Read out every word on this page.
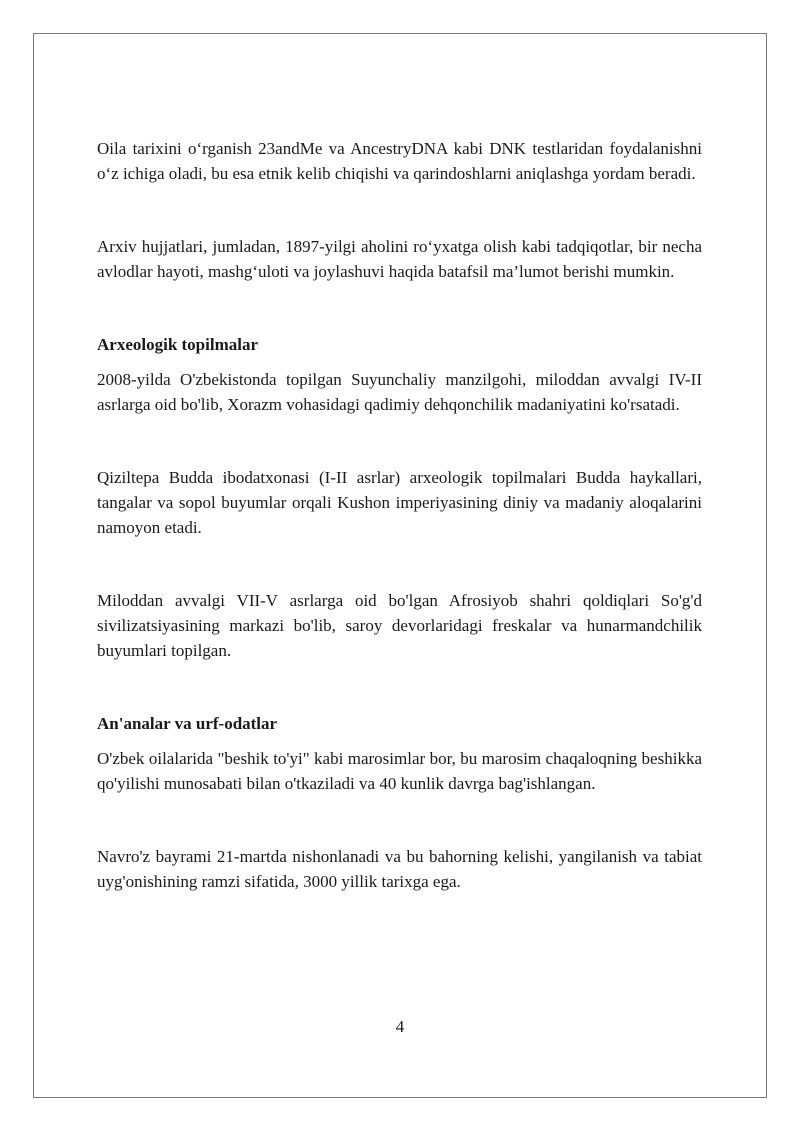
Oila tarixini o‘rganish 23andMe va AncestryDNA kabi DNK testlaridan foydalanishni o‘z ichiga oladi, bu esa etnik kelib chiqishi va qarindoshlarni aniqlashga yordam beradi.

Arxiv hujjatlari, jumladan, 1897-yilgi aholini ro‘yxatga olish kabi tadqiqotlar, bir necha avlodlar hayoti, mashg‘uloti va joylashuvi haqida batafsil ma’lumot berishi mumkin.

Arxeologik topilmalar

2008-yilda O'zbekistonda topilgan Suyunchaliy manzilgohi, miloddan avvalgi IV-II asrlarga oid bo'lib, Xorazm vohasidagi qadimiy dehqonchilik madaniyatini ko'rsatadi.

Qiziltepa Budda ibodatxonasi (I-II asrlar) arxeologik topilmalari Budda haykallari, tangalar va sopol buyumlar orqali Kushon imperiyasining diniy va madaniy aloqalarini namoyon etadi.

Miloddan avvalgi VII-V asrlarga oid bo'lgan Afrosiyob shahri qoldiqlari So'g'd sivilizatsiyasining markazi bo'lib, saroy devorlaridagi freskalar va hunarmandchilik buyumlari topilgan.

An'analar va urf-odatlar

O'zbek oilalarida "beshik to'yi" kabi marosimlar bor, bu marosim chaqaloqning beshikka qo'yilishi munosabati bilan o'tkaziladi va 40 kunlik davrga bag'ishlangan.

Navro'z bayrami 21-martda nishonlanadi va bu bahorning kelishi, yangilanish va tabiat uyg'onishining ramzi sifatida, 3000 yillik tarixga ega.

4
